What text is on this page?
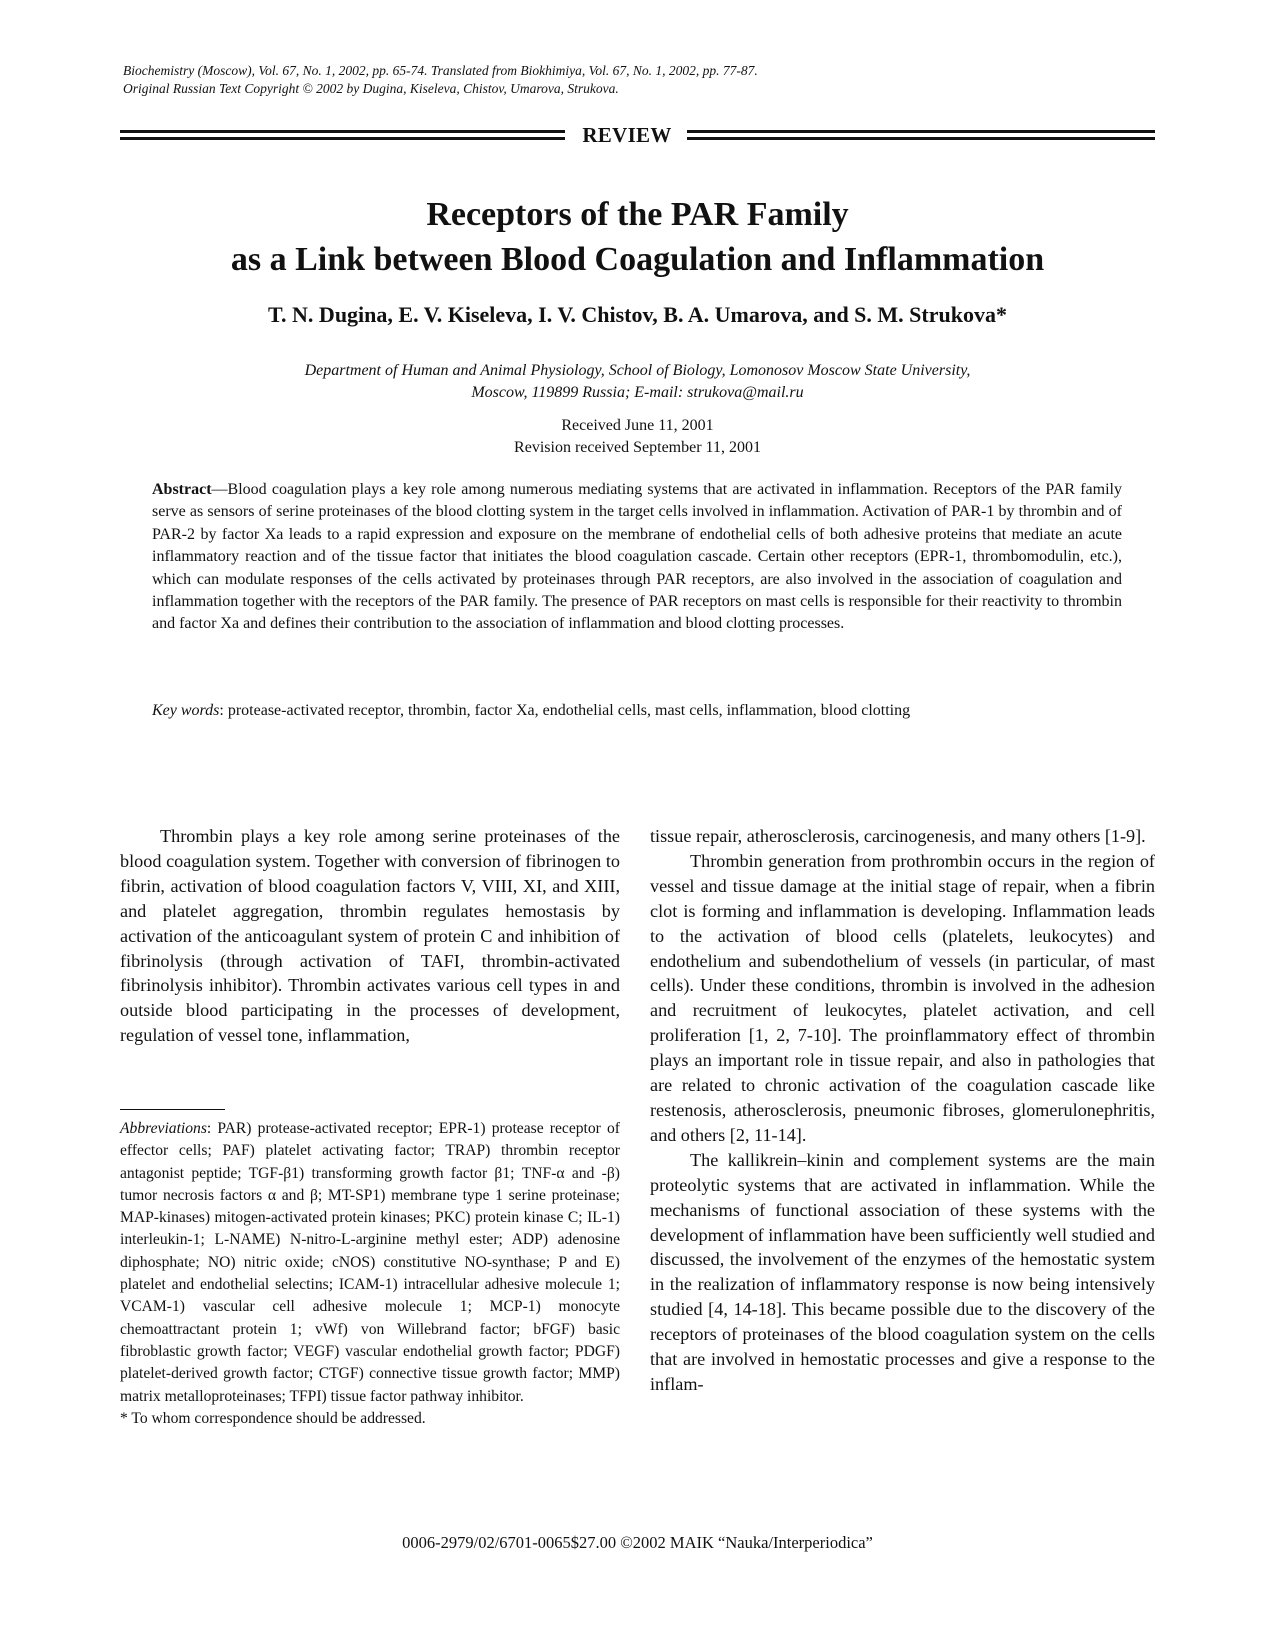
Biochemistry (Moscow), Vol. 67, No. 1, 2002, pp. 65-74. Translated from Biokhimiya, Vol. 67, No. 1, 2002, pp. 77-87.
Original Russian Text Copyright © 2002 by Dugina, Kiseleva, Chistov, Umarova, Strukova.
REVIEW
Receptors of the PAR Family
as a Link between Blood Coagulation and Inflammation
T. N. Dugina, E. V. Kiseleva, I. V. Chistov, B. A. Umarova, and S. M. Strukova*
Department of Human and Animal Physiology, School of Biology, Lomonosov Moscow State University,
Moscow, 119899 Russia; E-mail: strukova@mail.ru
Received June 11, 2001
Revision received September 11, 2001
Abstract—Blood coagulation plays a key role among numerous mediating systems that are activated in inflammation. Receptors of the PAR family serve as sensors of serine proteinases of the blood clotting system in the target cells involved in inflammation. Activation of PAR-1 by thrombin and of PAR-2 by factor Xa leads to a rapid expression and exposure on the membrane of endothelial cells of both adhesive proteins that mediate an acute inflammatory reaction and of the tissue factor that initiates the blood coagulation cascade. Certain other receptors (EPR-1, thrombomodulin, etc.), which can modulate responses of the cells activated by proteinases through PAR receptors, are also involved in the association of coagulation and inflammation together with the receptors of the PAR family. The presence of PAR receptors on mast cells is responsible for their reactivity to thrombin and factor Xa and defines their contribution to the association of inflammation and blood clotting processes.
Key words: protease-activated receptor, thrombin, factor Xa, endothelial cells, mast cells, inflammation, blood clotting

Thrombin plays a key role among serine proteinases of the blood coagulation system. Together with conversion of fibrinogen to fibrin, activation of blood coagulation factors V, VIII, XI, and XIII, and platelet aggregation, thrombin regulates hemostasis by activation of the anticoagulant system of protein C and inhibition of fibrinolysis (through activation of TAFI, thrombin-activated fibrinolysis inhibitor). Thrombin activates various cell types in and outside blood participating in the processes of development, regulation of vessel tone, inflammation,

tissue repair, atherosclerosis, carcinogenesis, and many others [1-9].

Thrombin generation from prothrombin occurs in the region of vessel and tissue damage at the initial stage of repair, when a fibrin clot is forming and inflammation is developing. Inflammation leads to the activation of blood cells (platelets, leukocytes) and endothelium and subendothelium of vessels (in particular, of mast cells). Under these conditions, thrombin is involved in the adhesion and recruitment of leukocytes, platelet activation, and cell proliferation [1, 2, 7-10]. The proinflammatory effect of thrombin plays an important role in tissue repair, and also in pathologies that are related to chronic activation of the coagulation cascade like restenosis, atherosclerosis, pneumonic fibroses, glomerulonephritis, and others [2, 11-14].

The kallikrein–kinin and complement systems are the main proteolytic systems that are activated in inflammation. While the mechanisms of functional association of these systems with the development of inflammation have been sufficiently well studied and discussed, the involvement of the enzymes of the hemostatic system in the realization of inflammatory response is now being intensively studied [4, 14-18]. This became possible due to the discovery of the receptors of proteinases of the blood coagulation system on the cells that are involved in hemostatic processes and give a response to the inflam-

Abbreviations: PAR) protease-activated receptor; EPR-1) protease receptor of effector cells; PAF) platelet activating factor; TRAP) thrombin receptor antagonist peptide; TGF-β1) transforming growth factor β1; TNF-α and -β) tumor necrosis factors α and β; MT-SP1) membrane type 1 serine proteinase; MAP-kinases) mitogen-activated protein kinases; PKC) protein kinase C; IL-1) interleukin-1; L-NAME) N-nitro-L-arginine methyl ester; ADP) adenosine diphosphate; NO) nitric oxide; cNOS) constitutive NO-synthase; P and E) platelet and endothelial selectins; ICAM-1) intracellular adhesive molecule 1; VCAM-1) vascular cell adhesive molecule 1; MCP-1) monocyte chemoattractant protein 1; vWf) von Willebrand factor; bFGF) basic fibroblastic growth factor; VEGF) vascular endothelial growth factor; PDGF) platelet-derived growth factor; CTGF) connective tissue growth factor; MMP) matrix metalloproteinases; TFPI) tissue factor pathway inhibitor.

* To whom correspondence should be addressed.

0006-2979/02/6701-0065$27.00 ©2002 MAIK “Nauka/Interperiodica”
